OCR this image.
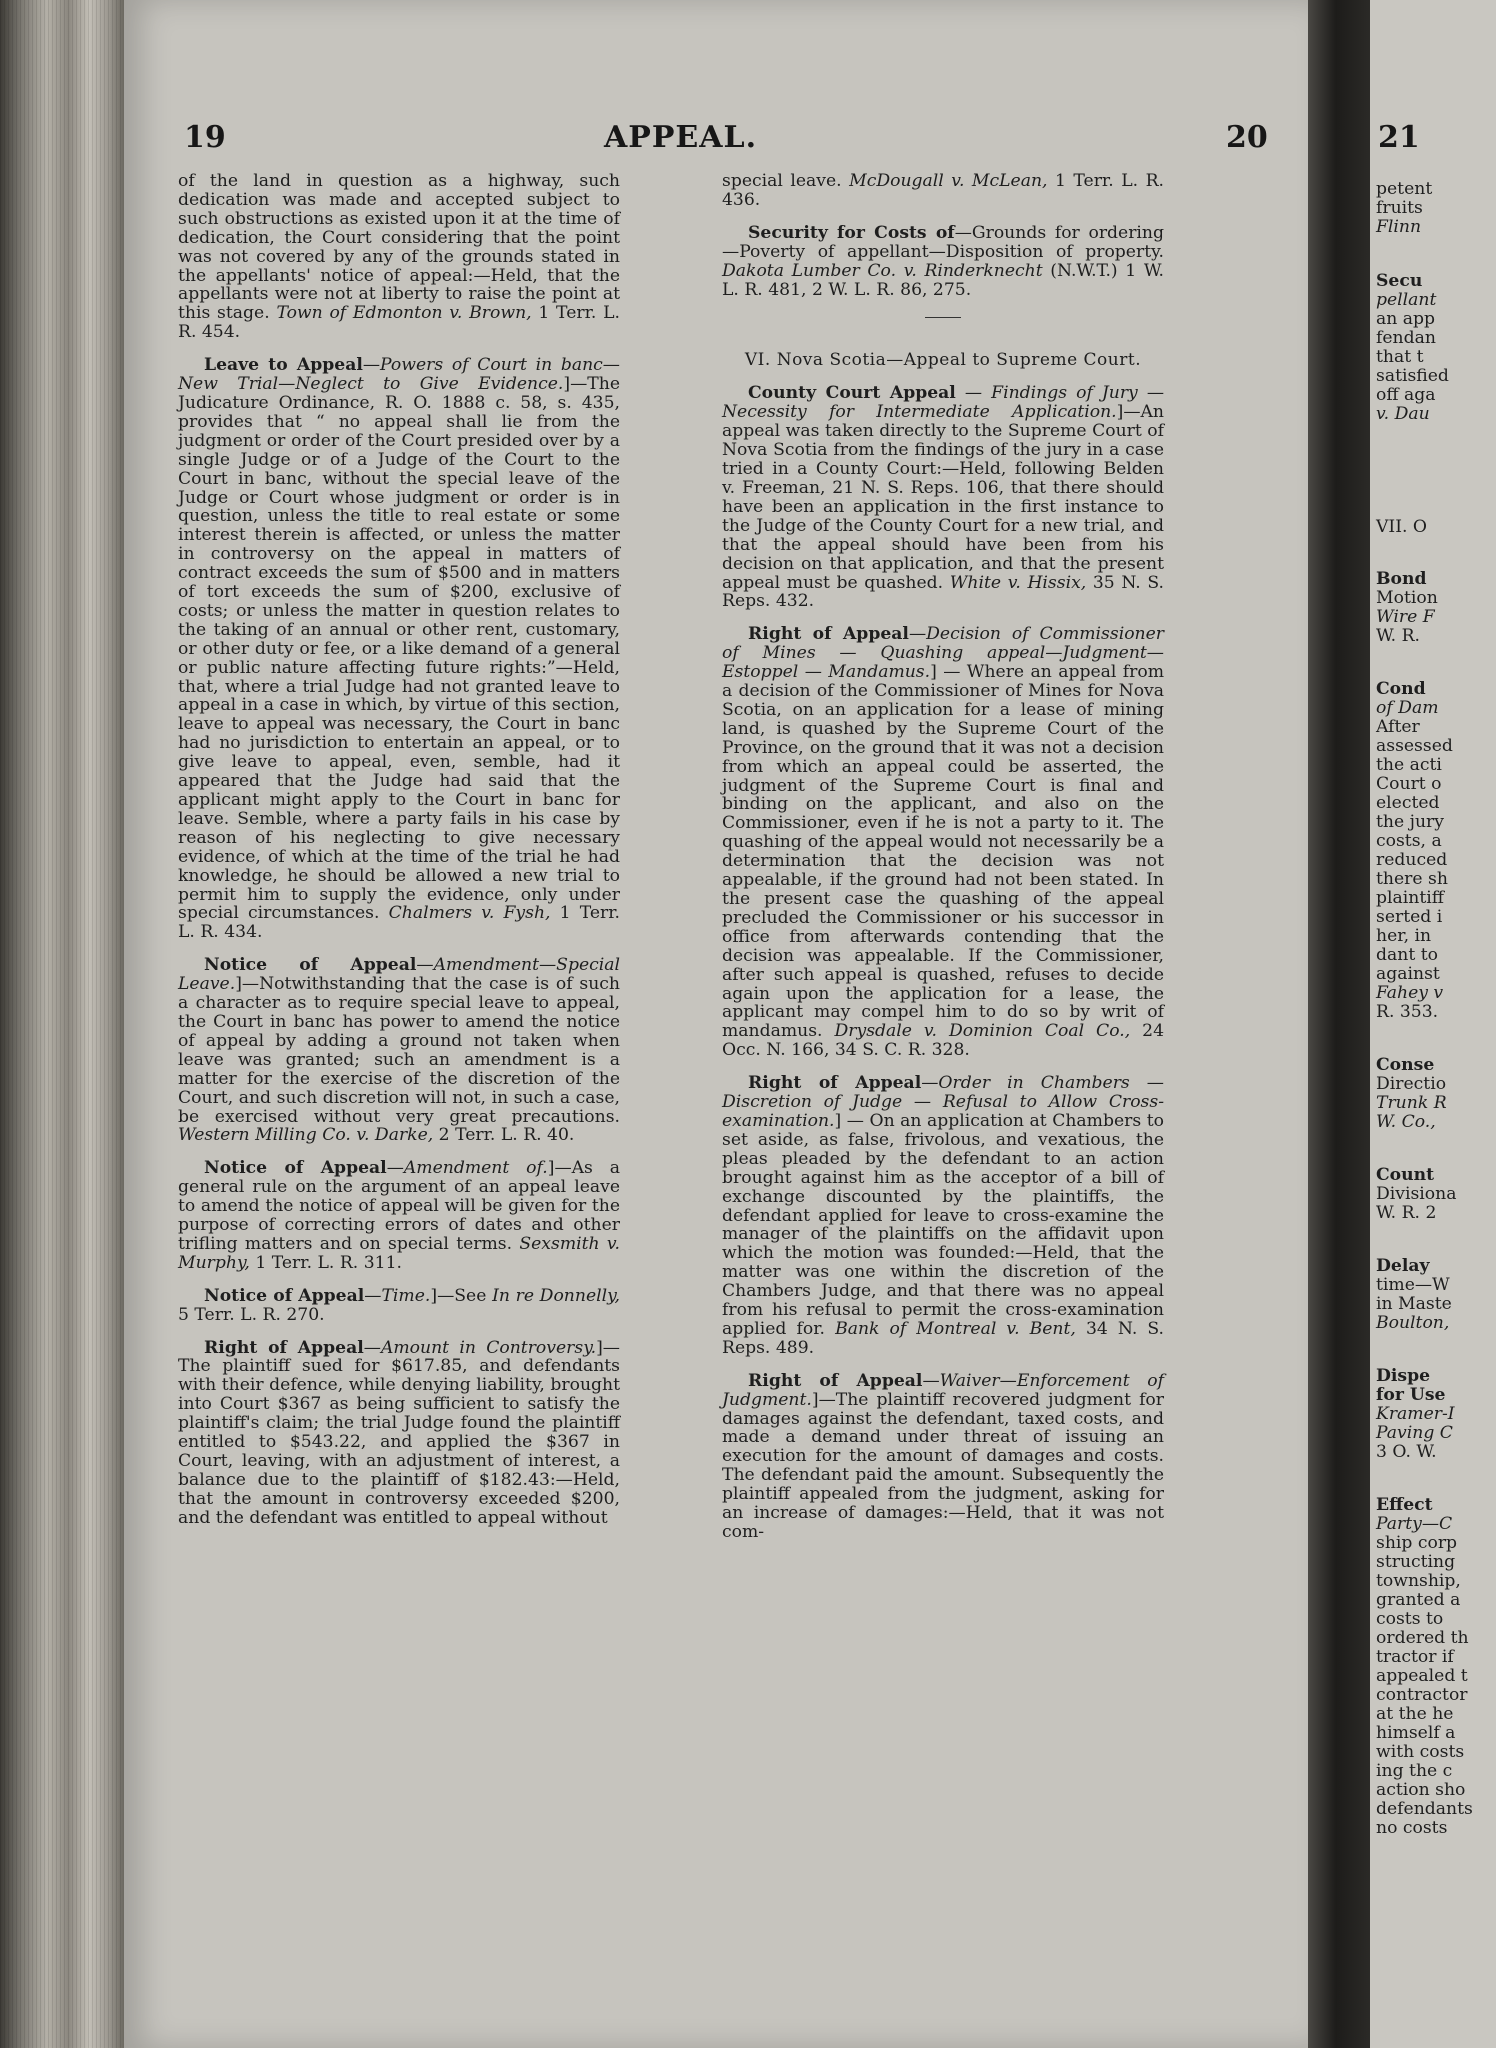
19	APPEAL.	20

of the land in question as a highway, such dedication was made and accepted subject to such obstructions as existed upon it at the time of dedication, the Court considering that the point was not covered by any of the grounds stated in the appellants' notice of appeal:—Held, that the appellants were not at liberty to raise the point at this stage. Town of Edmonton v. Brown, 1 Terr. L. R. 454.

Leave to Appeal—Powers of Court in banc—New Trial—Neglect to Give Evidence.]—The Judicature Ordinance, R. O. 1888 c. 58, s. 435, provides that “ no appeal shall lie from the judgment or order of the Court presided over by a single Judge or of a Judge of the Court to the Court in banc, without the special leave of the Judge or Court whose judgment or order is in question, unless the title to real estate or some interest therein is affected, or unless the matter in controversy on the appeal in matters of contract exceeds the sum of $500 and in matters of tort exceeds the sum of $200, exclusive of costs; or unless the matter in question relates to the taking of an annual or other rent, customary, or other duty or fee, or a like demand of a general or public nature affecting future rights:”—Held, that, where a trial Judge had not granted leave to appeal in a case in which, by virtue of this section, leave to appeal was necessary, the Court in banc had no jurisdiction to entertain an appeal, or to give leave to appeal, even, semble, had it appeared that the Judge had said that the applicant might apply to the Court in banc for leave. Semble, where a party fails in his case by reason of his neglecting to give necessary evidence, of which at the time of the trial he had knowledge, he should be allowed a new trial to permit him to supply the evidence, only under special circumstances. Chalmers v. Fysh, 1 Terr. L. R. 434.

Notice of Appeal—Amendment—Special Leave.]—Notwithstanding that the case is of such a character as to require special leave to appeal, the Court in banc has power to amend the notice of appeal by adding a ground not taken when leave was granted; such an amendment is a matter for the exercise of the discretion of the Court, and such discretion will not, in such a case, be exercised without very great precautions. Western Milling Co. v. Darke, 2 Terr. L. R. 40.

Notice of Appeal—Amendment of.]—As a general rule on the argument of an appeal leave to amend the notice of appeal will be given for the purpose of correcting errors of dates and other trifling matters and on special terms. Sexsmith v. Murphy, 1 Terr. L. R. 311.

Notice of Appeal—Time.]—See In re Donnelly, 5 Terr. L. R. 270.

Right of Appeal—Amount in Controversy.]—The plaintiff sued for $617.85, and defendants with their defence, while denying liability, brought into Court $367 as being sufficient to satisfy the plaintiff's claim; the trial Judge found the plaintiff entitled to $543.22, and applied the $367 in Court, leaving, with an adjustment of interest, a balance due to the plaintiff of $182.43:—Held, that the amount in controversy exceeded $200, and the defendant was entitled to appeal without

special leave. McDougall v. McLean, 1 Terr. L. R. 436.

Security for Costs of—Grounds for ordering—Poverty of appellant—Disposition of property. Dakota Lumber Co. v. Rinderknecht (N.W.T.) 1 W. L. R. 481, 2 W. L. R. 86, 275.

VI. Nova Scotia—Appeal to Supreme Court.

County Court Appeal — Findings of Jury — Necessity for Intermediate Application.]—An appeal was taken directly to the Supreme Court of Nova Scotia from the findings of the jury in a case tried in a County Court:—Held, following Belden v. Freeman, 21 N. S. Reps. 106, that there should have been an application in the first instance to the Judge of the County Court for a new trial, and that the appeal should have been from his decision on that application, and that the present appeal must be quashed. White v. Hissix, 35 N. S. Reps. 432.

Right of Appeal—Decision of Commissioner of Mines — Quashing appeal—Judgment—Estoppel — Mandamus.] — Where an appeal from a decision of the Commissioner of Mines for Nova Scotia, on an application for a lease of mining land, is quashed by the Supreme Court of the Province, on the ground that it was not a decision from which an appeal could be asserted, the judgment of the Supreme Court is final and binding on the applicant, and also on the Commissioner, even if he is not a party to it. The quashing of the appeal would not necessarily be a determination that the decision was not appealable, if the ground had not been stated. In the present case the quashing of the appeal precluded the Commissioner or his successor in office from afterwards contending that the decision was appealable. If the Commissioner, after such appeal is quashed, refuses to decide again upon the application for a lease, the applicant may compel him to do so by writ of mandamus. Drysdale v. Dominion Coal Co., 24 Occ. N. 166, 34 S. C. R. 328.

Right of Appeal—Order in Chambers — Discretion of Judge — Refusal to Allow Cross-examination.] — On an application at Chambers to set aside, as false, frivolous, and vexatious, the pleas pleaded by the defendant to an action brought against him as the acceptor of a bill of exchange discounted by the plaintiffs, the defendant applied for leave to cross-examine the manager of the plaintiffs on the affidavit upon which the motion was founded:—Held, that the matter was one within the discretion of the Chambers Judge, and that there was no appeal from his refusal to permit the cross-examination applied for. Bank of Montreal v. Bent, 34 N. S. Reps. 489.

Right of Appeal—Waiver—Enforcement of Judgment.]—The plaintiff recovered judgment for damages against the defendant, taxed costs, and made a demand under threat of issuing an execution for the amount of damages and costs. The defendant paid the amount. Subsequently the plaintiff appealed from the judgment, asking for an increase of damages:—Held, that it was not com-

21
petent
fruits
Flinn
Secu
pellant
an app
fendan
that t
satisfied
off aga
v. Dau
VII. O
Bond
Motion
Wire F
W. R.
Cond
of Dam
After
assessed
the acti
Court o
elected
the jury
costs, a
reduced
there sh
plaintiff
serted i
her, in
dant to
against
Fahey v
R. 353.
Conse
Directio
Trunk R
W. Co.,
Count
Divisiona
W. R. 2
Delay
time—W
in Maste
Boulton,
Dispe
for Use
Kramer-I
Paving C
3 O. W.
Effect
Party—C
ship corp
structing
township,
granted a
costs to
ordered th
tractor if
appealed t
contractor
at the he
himself a
with costs
ing the c
action sho
defendants
no costs
